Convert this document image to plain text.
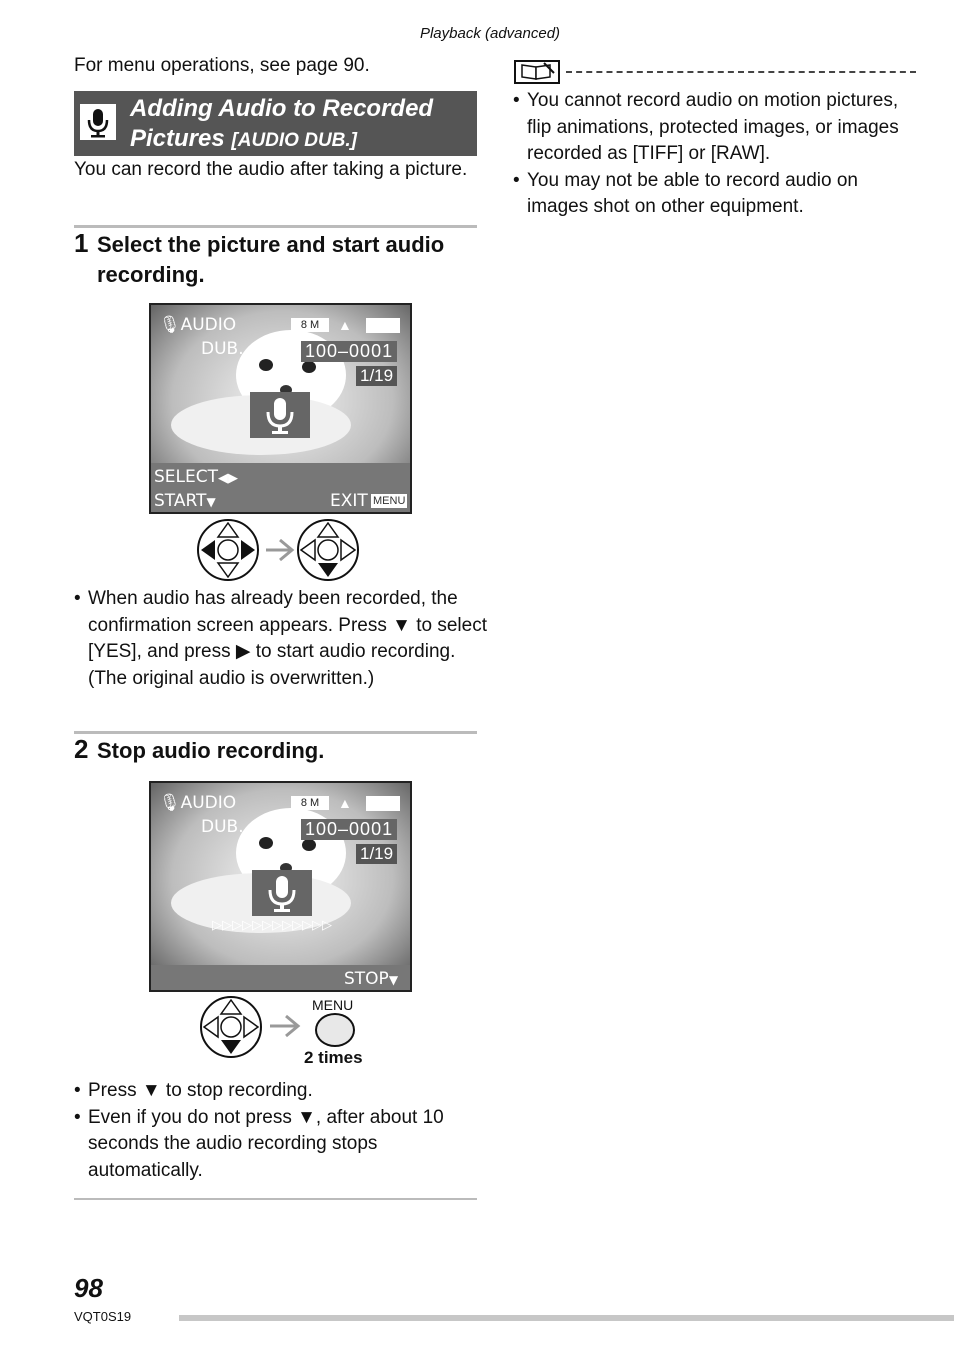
Playback (advanced)
For menu operations, see page 90.
Adding Audio to Recorded Pictures [AUDIO DUB.]
You can record the audio after taking a picture.
1 Select the picture and start audio recording.
🎙AUDIO
DUB.
8 M	▲
100–0001
1/19
SELECT◀▶
START▼	EXIT MENU
• When audio has already been recorded, the confirmation screen appears. Press ▼ to select [YES], and press ▶ to start audio recording. (The original audio is overwritten.)
2 Stop audio recording.
🎙AUDIO
DUB.
8 M	▲
100–0001
1/19
▷▷▷▷▷▷▷▷▷▷▷▷
STOP▼
MENU
2 times
• Press ▼ to stop recording.
• Even if you do not press ▼, after about 10 seconds the audio recording stops automatically.
• You cannot record audio on motion pictures, flip animations, protected images, or images recorded as [TIFF] or [RAW].
• You may not be able to record audio on images shot on other equipment.
98
VQT0S19
